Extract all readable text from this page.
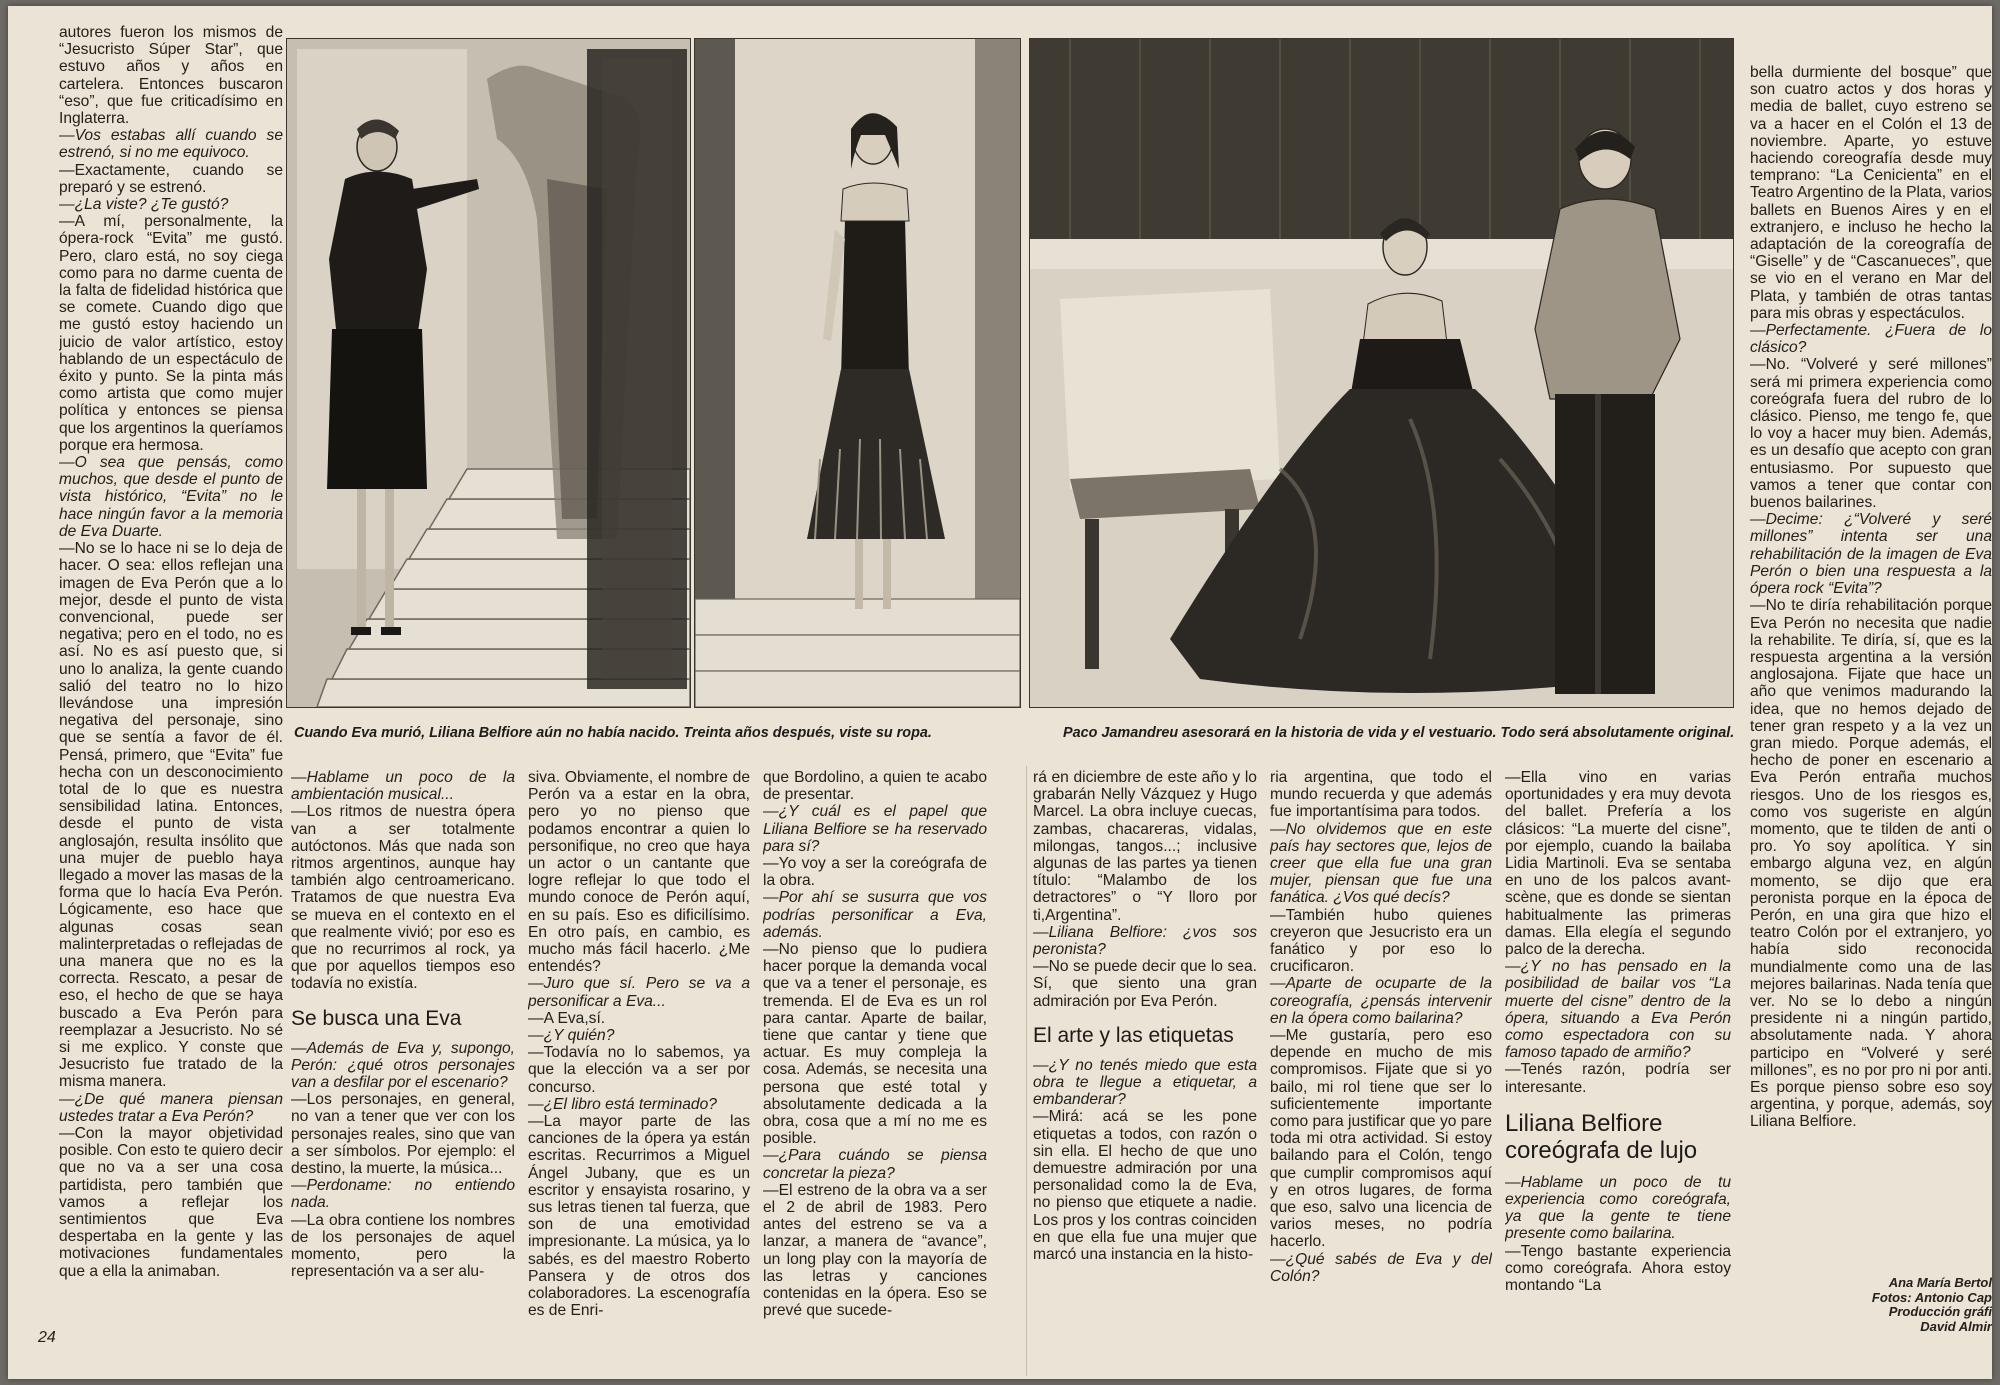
Cuando Eva murió, Liliana Belfiore aún no había nacido. Treinta años después, viste su ropa.	Paco Jamandreu asesorará en la historia de vida y el vestuario. Todo será absolutamente original.

autores fueron los mismos de “Jesucristo Súper Star”, que estuvo años y años en cartelera. Entonces buscaron “eso”, que fue criticadísimo en Inglaterra.

—Vos estabas allí cuando se estrenó, si no me equivoco.

—Exactamente, cuando se preparó y se estrenó.

—¿La viste? ¿Te gustó?

—A mí, personalmente, la ópera-rock “Evita” me gustó. Pero, claro está, no soy ciega como para no darme cuenta de la falta de fidelidad histórica que se comete. Cuando digo que me gustó estoy haciendo un juicio de valor artístico, estoy hablando de un espectáculo de éxito y punto. Se la pinta más como artista que como mujer política y entonces se piensa que los argentinos la queríamos porque era hermosa.

—O sea que pensás, como muchos, que desde el punto de vista histórico, “Evita” no le hace ningún favor a la memoria de Eva Duarte.

—No se lo hace ni se lo deja de hacer. O sea: ellos reflejan una imagen de Eva Perón que a lo mejor, desde el punto de vista convencional, puede ser negativa; pero en el todo, no es así. No es así puesto que, si uno lo analiza, la gente cuando salió del teatro no lo hizo llevándose una impresión negativa del personaje, sino que se sentía a favor de él. Pensá, primero, que “Evita” fue hecha con un desconocimiento total de lo que es nuestra sensibilidad latina. Entonces, desde el punto de vista anglosajón, resulta insólito que una mujer de pueblo haya llegado a mover las masas de la forma que lo hacía Eva Perón. Lógicamente, eso hace que algunas cosas sean malinterpretadas o reflejadas de una manera que no es la correcta. Rescato, a pesar de eso, el hecho de que se haya buscado a Eva Perón para reemplazar a Jesucristo. No sé si me explico. Y conste que Jesucristo fue tratado de la misma manera.

—¿De qué manera piensan ustedes tratar a Eva Perón?

—Con la mayor objetividad posible. Con esto te quiero decir que no va a ser una cosa partidista, pero también que vamos a reflejar los sentimientos que Eva despertaba en la gente y las motivaciones fundamentales que a ella la animaban.

—Hablame un poco de la ambientación musical...

—Los ritmos de nuestra ópera van a ser totalmente autóctonos. Más que nada son ritmos argentinos, aunque hay también algo centroamericano. Tratamos de que nuestra Eva se mueva en el contexto en el que realmente vivió; por eso es que no recurrimos al rock, ya que por aquellos tiempos eso todavía no existía.

Se busca una Eva

—Además de Eva y, supongo, Perón: ¿qué otros personajes van a desfilar por el escenario?

—Los personajes, en general, no van a tener que ver con los personajes reales, sino que van a ser símbolos. Por ejemplo: el destino, la muerte, la música...

—Perdoname: no entiendo nada.

—La obra contiene los nombres de los personajes de aquel momento, pero la representación va a ser alu-

siva. Obviamente, el nombre de Perón va a estar en la obra, pero yo no pienso que podamos encontrar a quien lo personifique, no creo que haya un actor o un cantante que logre reflejar lo que todo el mundo conoce de Perón aquí, en su país. Eso es dificilísimo. En otro país, en cambio, es mucho más fácil hacerlo. ¿Me entendés?

—Juro que sí. Pero se va a personificar a Eva...

—A Eva,sí.

—¿Y quién?

—Todavía no lo sabemos, ya que la elección va a ser por concurso.

—¿El libro está terminado?

—La mayor parte de las canciones de la ópera ya están escritas. Recurrimos a Miguel Ángel Jubany, que es un escritor y ensayista rosarino, y sus letras tienen tal fuerza, que son de una emotividad impresionante. La música, ya lo sabés, es del maestro Roberto Pansera y de otros dos colaboradores. La escenografía es de Enri-

que Bordolino, a quien te acabo de presentar.

—¿Y cuál es el papel que Liliana Belfiore se ha reservado para sí?

—Yo voy a ser la coreógrafa de la obra.

—Por ahí se susurra que vos podrías personificar a Eva, además.

—No pienso que lo pudiera hacer porque la demanda vocal que va a tener el personaje, es tremenda. El de Eva es un rol para cantar. Aparte de bailar, tiene que cantar y tiene que actuar. Es muy compleja la cosa. Además, se necesita una persona que esté total y absolutamente dedicada a la obra, cosa que a mí no me es posible.

—¿Para cuándo se piensa concretar la pieza?

—El estreno de la obra va a ser el 2 de abril de 1983. Pero antes del estreno se va a lanzar, a manera de “avance”, un long play con la mayoría de las letras y canciones contenidas en la ópera. Eso se prevé que sucede-

rá en diciembre de este año y lo grabarán Nelly Vázquez y Hugo Marcel. La obra incluye cuecas, zambas, chacareras, vidalas, milongas, tangos...; inclusive algunas de las partes ya tienen título: “Malambo de los detractores” o “Y lloro por ti,Argentina”.

—Liliana Belfiore: ¿vos sos peronista?

—No se puede decir que lo sea. Sí, que siento una gran admiración por Eva Perón.

El arte y las etiquetas

—¿Y no tenés miedo que esta obra te llegue a etiquetar, a embanderar?

—Mirá: acá se les pone etiquetas a todos, con razón o sin ella. El hecho de que uno demuestre admiración por una personalidad como la de Eva, no pienso que etiquete a nadie. Los pros y los contras coinciden en que ella fue una mujer que marcó una instancia en la histo-

ria argentina, que todo el mundo recuerda y que además fue importantísima para todos.

—No olvidemos que en este país hay sectores que, lejos de creer que ella fue una gran mujer, piensan que fue una fanática. ¿Vos qué decís?

—También hubo quienes creyeron que Jesucristo era un fanático y por eso lo crucificaron.

—Aparte de ocuparte de la coreografía, ¿pensás intervenir en la ópera como bailarina?

—Me gustaría, pero eso depende en mucho de mis compromisos. Fijate que si yo bailo, mi rol tiene que ser lo suficientemente importante como para justificar que yo pare toda mi otra actividad. Si estoy bailando para el Colón, tengo que cumplir compromisos aquí y en otros lugares, de forma que eso, salvo una licencia de varios meses, no podría hacerlo.

—¿Qué sabés de Eva y del Colón?

—Ella vino en varias oportunidades y era muy devota del ballet. Prefería a los clásicos: “La muerte del cisne”, por ejemplo, cuando la bailaba Lidia Martinoli. Eva se sentaba en uno de los palcos avant-scène, que es donde se sientan habitualmente las primeras damas. Ella elegía el segundo palco de la derecha.

—¿Y no has pensado en la posibilidad de bailar vos “La muerte del cisne” dentro de la ópera, situando a Eva Perón como espectadora con su famoso tapado de armiño?

—Tenés razón, podría ser interesante.

Liliana Belfiore coreógrafa de lujo

—Hablame un poco de tu experiencia como coreógrafa, ya que la gente te tiene presente como bailarina.

—Tengo bastante experiencia como coreógrafa. Ahora estoy montando “La

bella durmiente del bosque” que son cuatro actos y dos horas y media de ballet, cuyo estreno se va a hacer en el Colón el 13 de noviembre. Aparte, yo estuve haciendo coreografía desde muy temprano: “La Cenicienta” en el Teatro Argentino de la Plata, varios ballets en Buenos Aires y en el extranjero, e incluso he hecho la adaptación de la coreografía de “Giselle” y de “Cascanueces”, que se vio en el verano en Mar del Plata, y también de otras tantas para mis obras y espectáculos.

—Perfectamente. ¿Fuera de lo clásico?

—No. “Volveré y seré millones” será mi primera experiencia como coreógrafa fuera del rubro de lo clásico. Pienso, me tengo fe, que lo voy a hacer muy bien. Además, es un desafío que acepto con gran entusiasmo. Por supuesto que vamos a tener que contar con buenos bailarines.

—Decime: ¿“Volveré y seré millones” intenta ser una rehabilitación de la imagen de Eva Perón o bien una respuesta a la ópera rock “Evita”?

—No te diría rehabilitación porque Eva Perón no necesita que nadie la rehabilite. Te diría, sí, que es la respuesta argentina a la versión anglosajona. Fijate que hace un año que venimos madurando la idea, que no hemos dejado de tener gran respeto y a la vez un gran miedo. Porque además, el hecho de poner en escenario a Eva Perón entraña muchos riesgos. Uno de los riesgos es, como vos sugeriste en algún momento, que te tilden de anti o pro. Yo soy apolítica. Y sin embargo alguna vez, en algún momento, se dijo que era peronista porque en la época de Perón, en una gira que hizo el teatro Colón por el extranjero, yo había sido reconocida mundialmente como una de las mejores bailarinas. Nada tenía que ver. No se lo debo a ningún presidente ni a ningún partido, absolutamente nada. Y ahora participo en “Volveré y seré millones”, es no por pro ni por anti. Es porque pienso sobre eso soy argentina, y porque, además, soy Liliana Belfiore.

Ana María Bertol
Fotos: Antonio Cap
Producción gráfi
David Almir
24
